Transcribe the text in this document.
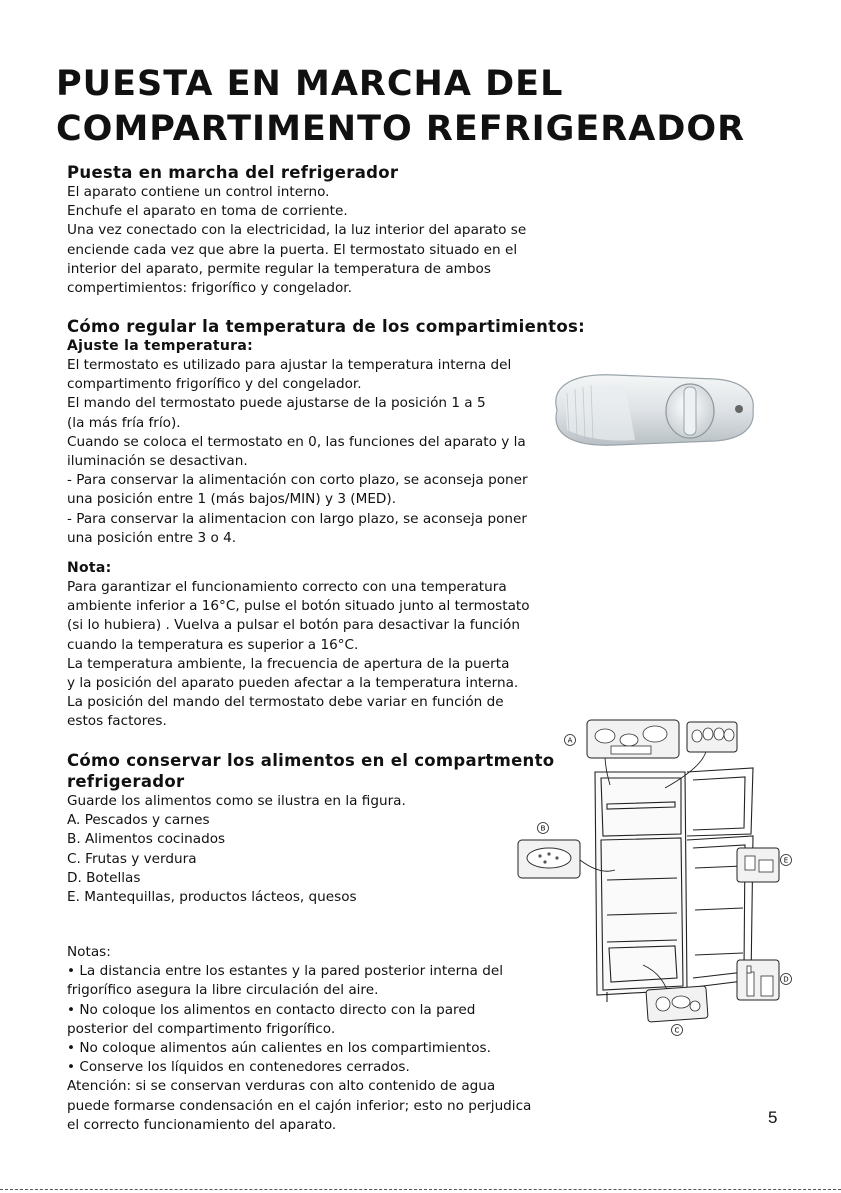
PUESTA EN MARCHA DEL
COMPARTIMENTO REFRIGERADOR

Puesta en marcha del refrigerador

El aparato contiene un control interno.

Enchufe el aparato en toma de corriente.

Una vez conectado con la electricidad, la luz interior del aparato se

enciende cada vez que abre la puerta. El termostato situado en el

interior del aparato, permite regular la temperatura de ambos

compertimientos: frigorífico y congelador.

Cómo regular la temperatura de los compartimientos:

Ajuste la temperatura:

El termostato es utilizado para ajustar la temperatura interna del

compartimento frigorífico y del congelador.

El mando del termostato puede ajustarse de la posición 1 a 5

(la más fría frío).

Cuando se coloca el termostato en 0, las funciones del aparato y la

iluminación se desactivan.

- Para conservar la alimentación con corto plazo, se aconseja poner

una posición entre 1 (más bajos/MIN) y 3 (MED).

- Para conservar la alimentacion con largo plazo, se aconseja poner

una posición entre 3 o 4.

Nota:

Para garantizar el funcionamiento correcto con una temperatura

ambiente inferior a 16°C, pulse el botón situado junto al termostato

(si lo hubiera) . Vuelva a pulsar el botón para desactivar la función

cuando la temperatura es superior a 16°C.

La temperatura ambiente, la frecuencia de apertura de la puerta

y la posición del aparato pueden afectar a la temperatura interna.

La posición del mando del termostato debe variar en función de

estos factores.

Cómo conservar los alimentos en el compartmento

refrigerador

Guarde los alimentos como se ilustra en la figura.

A. Pescados y carnes

B. Alimentos cocinados

C. Frutas y verdura

D. Botellas

E. Mantequillas, productos lácteos, quesos

Notas:

• La distancia entre los estantes y la pared posterior interna del

frigorífico asegura la libre circulación del aire.

• No coloque los alimentos en contacto directo con la pared

posterior del compartimento frigorífico.

• No coloque alimentos aún calientes en los compartimientos.

• Conserve los líquidos en contenedores cerrados.

Atención: si se conservan verduras con alto contenido de agua

puede formarse condensación en el cajón inferior; esto no perjudica

el correcto funcionamiento del aparato.

A
B
E
D
C
5
